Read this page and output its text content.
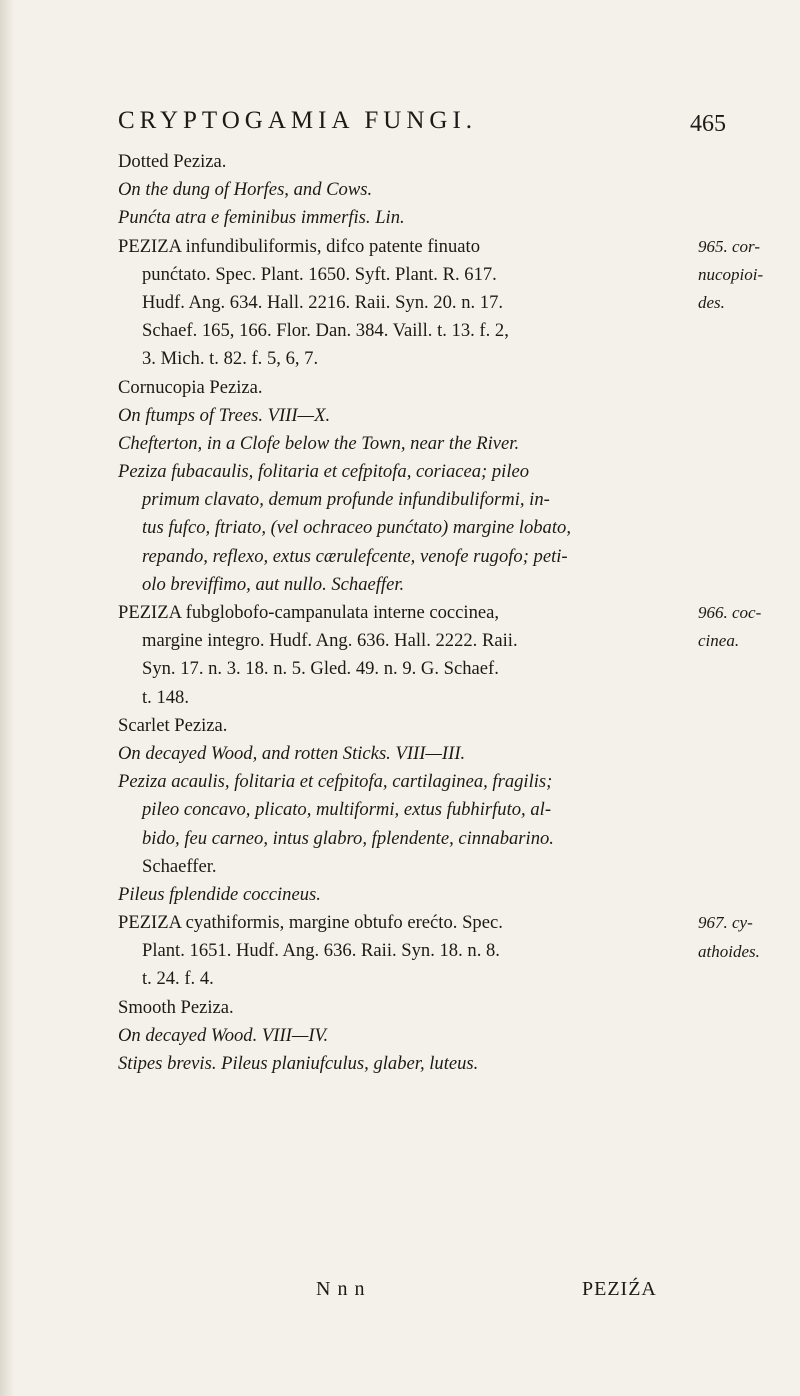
CRYPTOGAMIA FUNGI.	465
Dotted Peziza.
On the dung of Horfes, and Cows.
Punćta atra e feminibus immerfis. Lin.
PEZIZA infundibuliformis, difco patente finuato
punćtato. Spec. Plant. 1650. Syft. Plant. R. 617.
Hudf. Ang. 634. Hall. 2216. Raii. Syn. 20. n. 17.
Schaef. 165, 166. Flor. Dan. 384. Vaill. t. 13. f. 2,
3. Mich. t. 82. f. 5, 6, 7.
Cornucopia Peziza.
On ftumps of Trees. VIII—X.
Chefterton, in a Clofe below the Town, near the River.
Peziza fubacaulis, folitaria et cefpitofa, coriacea; pileo
primum clavato, demum profunde infundibuliformi, in-
tus fufco, ftriato, (vel ochraceo punćtato) margine lobato,
repando, reflexo, extus cærulefcente, venofe rugofo; peti-
olo breviffimo, aut nullo. Schaeffer.
PEZIZA fubglobofo-campanulata interne coccinea,
margine integro. Hudf. Ang. 636. Hall. 2222. Raii.
Syn. 17. n. 3. 18. n. 5. Gled. 49. n. 9. G. Schaef.
t. 148.
Scarlet Peziza.
On decayed Wood, and rotten Sticks. VIII—III.
Peziza acaulis, folitaria et cefpitofa, cartilaginea, fragilis;
pileo concavo, plicato, multiformi, extus fubhirfuto, al-
bido, feu carneo, intus glabro, fplendente, cinnabarino.
Schaeffer.
Pileus fplendide coccineus.
PEZIZA cyathiformis, margine obtufo erećto. Spec.
Plant. 1651. Hudf. Ang. 636. Raii. Syn. 18. n. 8.
t. 24. f. 4.
Smooth Peziza.
On decayed Wood. VIII—IV.
Stipes brevis. Pileus planiufculus, glaber, luteus.
965. cor-
nucopioi-
des.
966. coc-
cinea.
967. cy-
athoides.
N n n	PEZIŹA
